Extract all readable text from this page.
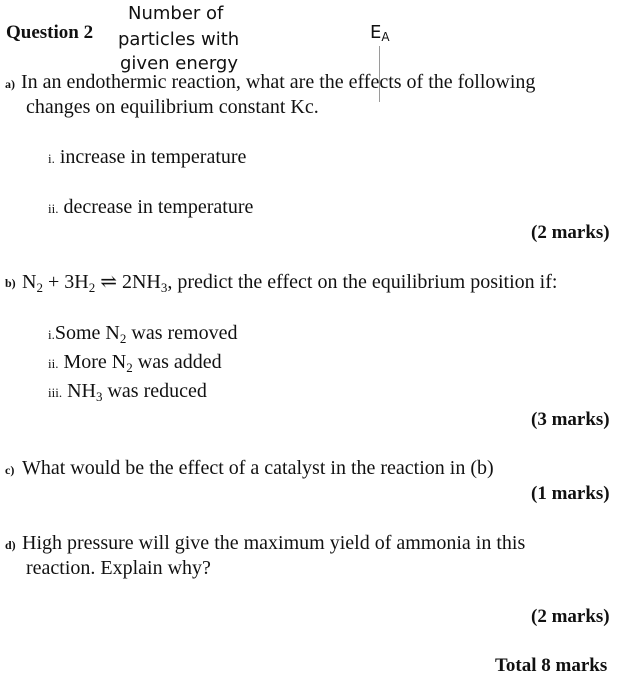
Question 2
Number of
particles with
given energy
EA
a) In an endothermic reaction, what are the effects of the following
changes on equilibrium constant Kc.
i. increase in temperature
ii. decrease in temperature
(2 marks)
b) $N_2 + 3H_2$ ⇌ $2NH_3$, predict the effect on the equilibrium position if:
i.Some $N_2$ was removed
ii. More $N_2$ was added
iii. $NH_3$ was reduced
(3 marks)
c) What would be the effect of a catalyst in the reaction in (b)
(1 marks)
d) High pressure will give the maximum yield of ammonia in this
reaction. Explain why?
(2 marks)
Total 8 marks
